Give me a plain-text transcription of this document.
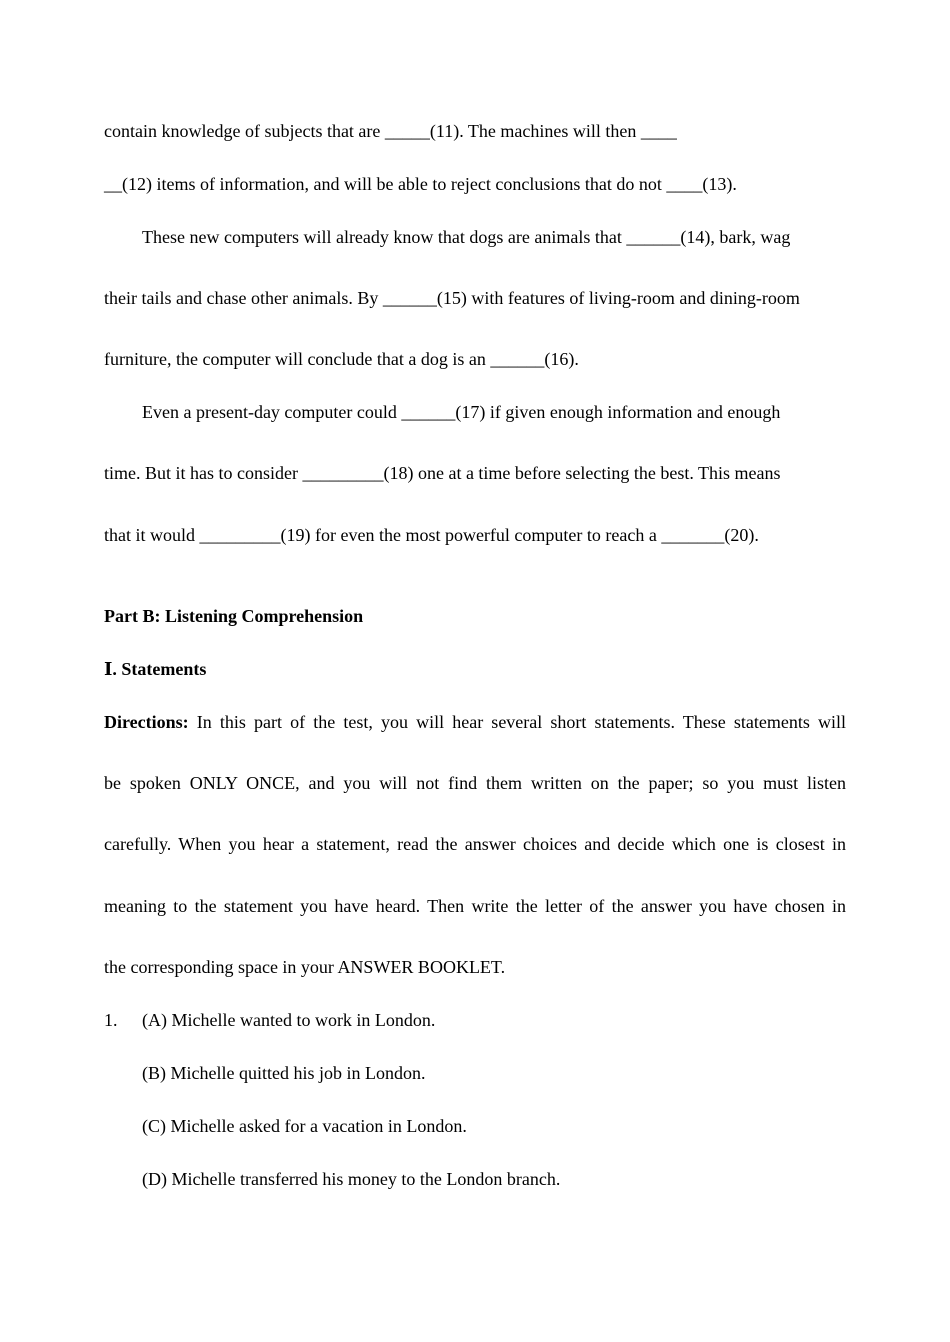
contain knowledge of subjects that are _____(11). The machines will then ____
__(12) items of information, and will be able to reject conclusions that do not ____(13).
These new computers will already know that dogs are animals that ______(14), bark, wag
their tails and chase other animals. By ______(15) with features of living-room and dining-room
furniture, the computer will conclude that a dog is an ______(16).
Even a present-day computer could ______(17) if given enough information and enough
time. But it has to consider _________(18) one at a time before selecting the best. This means
that it would _________(19) for even the most powerful computer to reach a _______(20).
Part B: Listening Comprehension
Ⅰ. Statements
Directions: In this part of the test, you will hear several short statements. These statements will
be spoken ONLY ONCE, and you will not find them written on the paper; so you must listen
carefully. When you hear a statement, read the answer choices and decide which one is closest in
meaning to the statement you have heard. Then write the letter of the answer you have chosen in
the corresponding space in your ANSWER BOOKLET.
1. (A) Michelle wanted to work in London.
(B) Michelle quitted his job in London.
(C) Michelle asked for a vacation in London.
(D) Michelle transferred his money to the London branch.
